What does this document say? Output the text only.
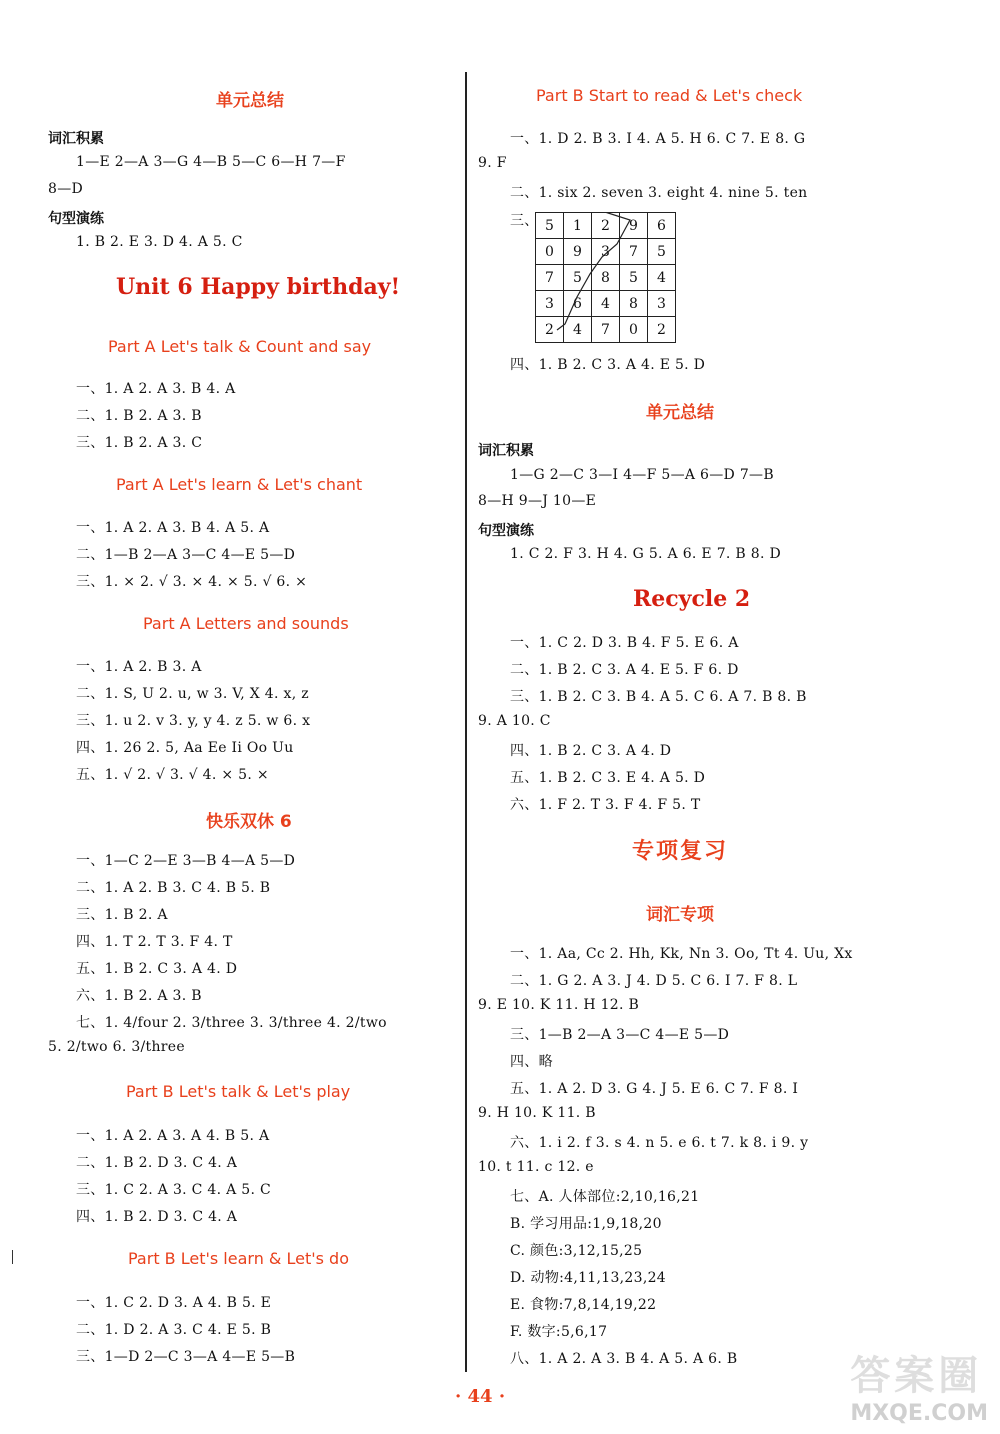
单元总结
词汇积累
1—E 2—A 3—G 4—B 5—C 6—H 7—F
8—D
句型演练
1. B 2. E 3. D 4. A 5. C
Unit 6 Happy birthday!
Part A Let's talk & Count and say
一、1. A 2. A 3. B 4. A
二、1. B 2. A 3. B
三、1. B 2. A 3. C
Part A Let's learn & Let's chant
一、1. A 2. A 3. B 4. A 5. A
二、1—B 2—A 3—C 4—E 5—D
三、1. × 2. √ 3. × 4. × 5. √ 6. ×
Part A Letters and sounds
一、1. A 2. B 3. A
二、1. S, U 2. u, w 3. V, X 4. x, z
三、1. u 2. v 3. y, y 4. z 5. w 6. x
四、1. 26 2. 5, Aa Ee Ii Oo Uu
五、1. √ 2. √ 3. √ 4. × 5. ×
快乐双休 6
一、1—C 2—E 3—B 4—A 5—D
二、1. A 2. B 3. C 4. B 5. B
三、1. B 2. A
四、1. T 2. T 3. F 4. T
五、1. B 2. C 3. A 4. D
六、1. B 2. A 3. B
七、1. 4/four 2. 3/three 3. 3/three 4. 2/two
5. 2/two 6. 3/three
Part B Let's talk & Let's play
一、1. A 2. A 3. A 4. B 5. A
二、1. B 2. D 3. C 4. A
三、1. C 2. A 3. C 4. A 5. C
四、1. B 2. D 3. C 4. A
Part B Let's learn & Let's do
一、1. C 2. D 3. A 4. B 5. E
二、1. D 2. A 3. C 4. E 5. B
三、1—D 2—C 3—A 4—E 5—B
Part B Start to read & Let's check
一、1. D 2. B 3. I 4. A 5. H 6. C 7. E 8. G
9. F
二、1. six 2. seven 3. eight 4. nine 5. ten
三、 5	1	2	9	6
0	9	3	7	5
7	5	8	5	4
3	6	4	8	3
2	4	7	0	2
四、1. B 2. C 3. A 4. E 5. D
单元总结
词汇积累
1—G 2—C 3—I 4—F 5—A 6—D 7—B
8—H 9—J 10—E
句型演练
1. C 2. F 3. H 4. G 5. A 6. E 7. B 8. D
Recycle 2
一、1. C 2. D 3. B 4. F 5. E 6. A
二、1. B 2. C 3. A 4. E 5. F 6. D
三、1. B 2. C 3. B 4. A 5. C 6. A 7. B 8. B
9. A 10. C
四、1. B 2. C 3. A 4. D
五、1. B 2. C 3. E 4. A 5. D
六、1. F 2. T 3. F 4. F 5. T
专项复习
词汇专项
一、1. Aa, Cc 2. Hh, Kk, Nn 3. Oo, Tt 4. Uu, Xx
二、1. G 2. A 3. J 4. D 5. C 6. I 7. F 8. L
9. E 10. K 11. H 12. B
三、1—B 2—A 3—C 4—E 5—D
四、略
五、1. A 2. D 3. G 4. J 5. E 6. C 7. F 8. I
9. H 10. K 11. B
六、1. i 2. f 3. s 4. n 5. e 6. t 7. k 8. i 9. y
10. t 11. c 12. e
七、A. 人体部位:2,10,16,21
B. 学习用品:1,9,18,20
C. 颜色:3,12,15,25
D. 动物:4,11,13,23,24
E. 食物:7,8,14,19,22
F. 数字:5,6,17
八、1. A 2. A 3. B 4. A 5. A 6. B
· 44 ·	答案圈
MXQE.COM
